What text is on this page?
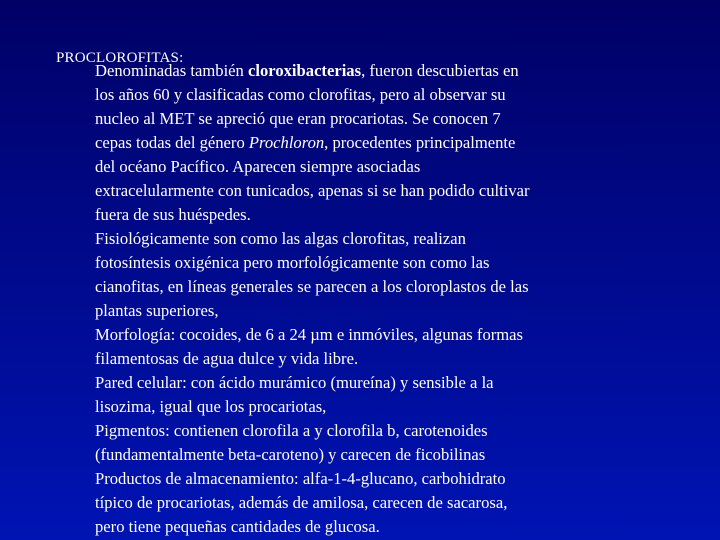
PROCLOROFITAS:
Denominadas también cloroxibacterias, fueron descubiertas en
los años 60 y clasificadas como clorofitas, pero al observar su
nucleo al MET se apreció que eran procariotas. Se conocen 7
cepas todas del género Prochloron, procedentes principalmente
del océano Pacífico. Aparecen siempre asociadas
extracelularmente con tunicados, apenas si se han podido cultivar
fuera de sus huéspedes.
Fisiológicamente son como las algas clorofitas, realizan
fotosíntesis oxigénica pero morfológicamente son como las
cianofitas, en líneas generales se parecen a los cloroplastos de las
plantas superiores,
Morfología: cocoides, de 6 a 24 µm e inmóviles, algunas formas
filamentosas de agua dulce y vida libre.
Pared celular: con ácido murámico (mureína) y sensible a la
lisozima, igual que los procariotas,
Pigmentos: contienen clorofila a y clorofila b, carotenoides
(fundamentalmente beta-caroteno) y carecen de ficobilinas
Productos de almacenamiento: alfa-1-4-glucano, carbohidrato
típico de procariotas, además de amilosa, carecen de sacarosa,
pero tiene pequeñas cantidades de glucosa.
